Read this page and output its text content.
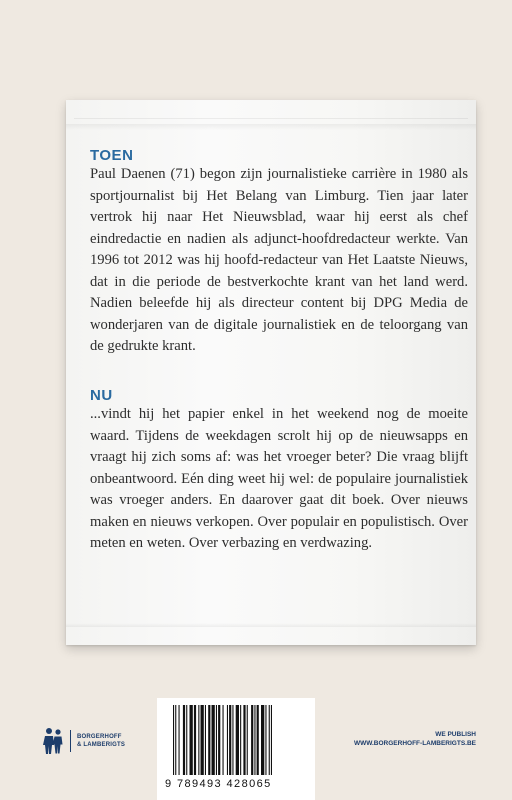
TOEN

Paul Daenen (71) begon zijn journalistieke carrière in 1980 als sportjournalist bij Het Belang van Limburg. Tien jaar later vertrok hij naar Het Nieuwsblad, waar hij eerst als chef eindredactie en nadien als adjunct-hoofdredacteur werkte. Van 1996 tot 2012 was hij hoofd-redacteur van Het Laatste Nieuws, dat in die periode de bestverkochte krant van het land werd. Nadien beleefde hij als directeur content bij DPG Media de wonderjaren van de digitale journalistiek en de teloorgang van de gedrukte krant.

NU

...vindt hij het papier enkel in het weekend nog de moeite waard. Tijdens de weekdagen scrolt hij op de nieuwsapps en vraagt hij zich soms af: was het vroeger beter? Die vraag blijft onbeantwoord. Eén ding weet hij wel: de populaire journalistiek was vroeger anders. En daarover gaat dit boek. Over nieuws maken en nieuws verkopen. Over populair en populistisch. Over meten en weten. Over verbazing en verdwazing.

BORGERHOFF
& LAMBERIGTS
9 789493 428065
WE PUBLISH
WWW.BORGERHOFF-LAMBERIGTS.BE
